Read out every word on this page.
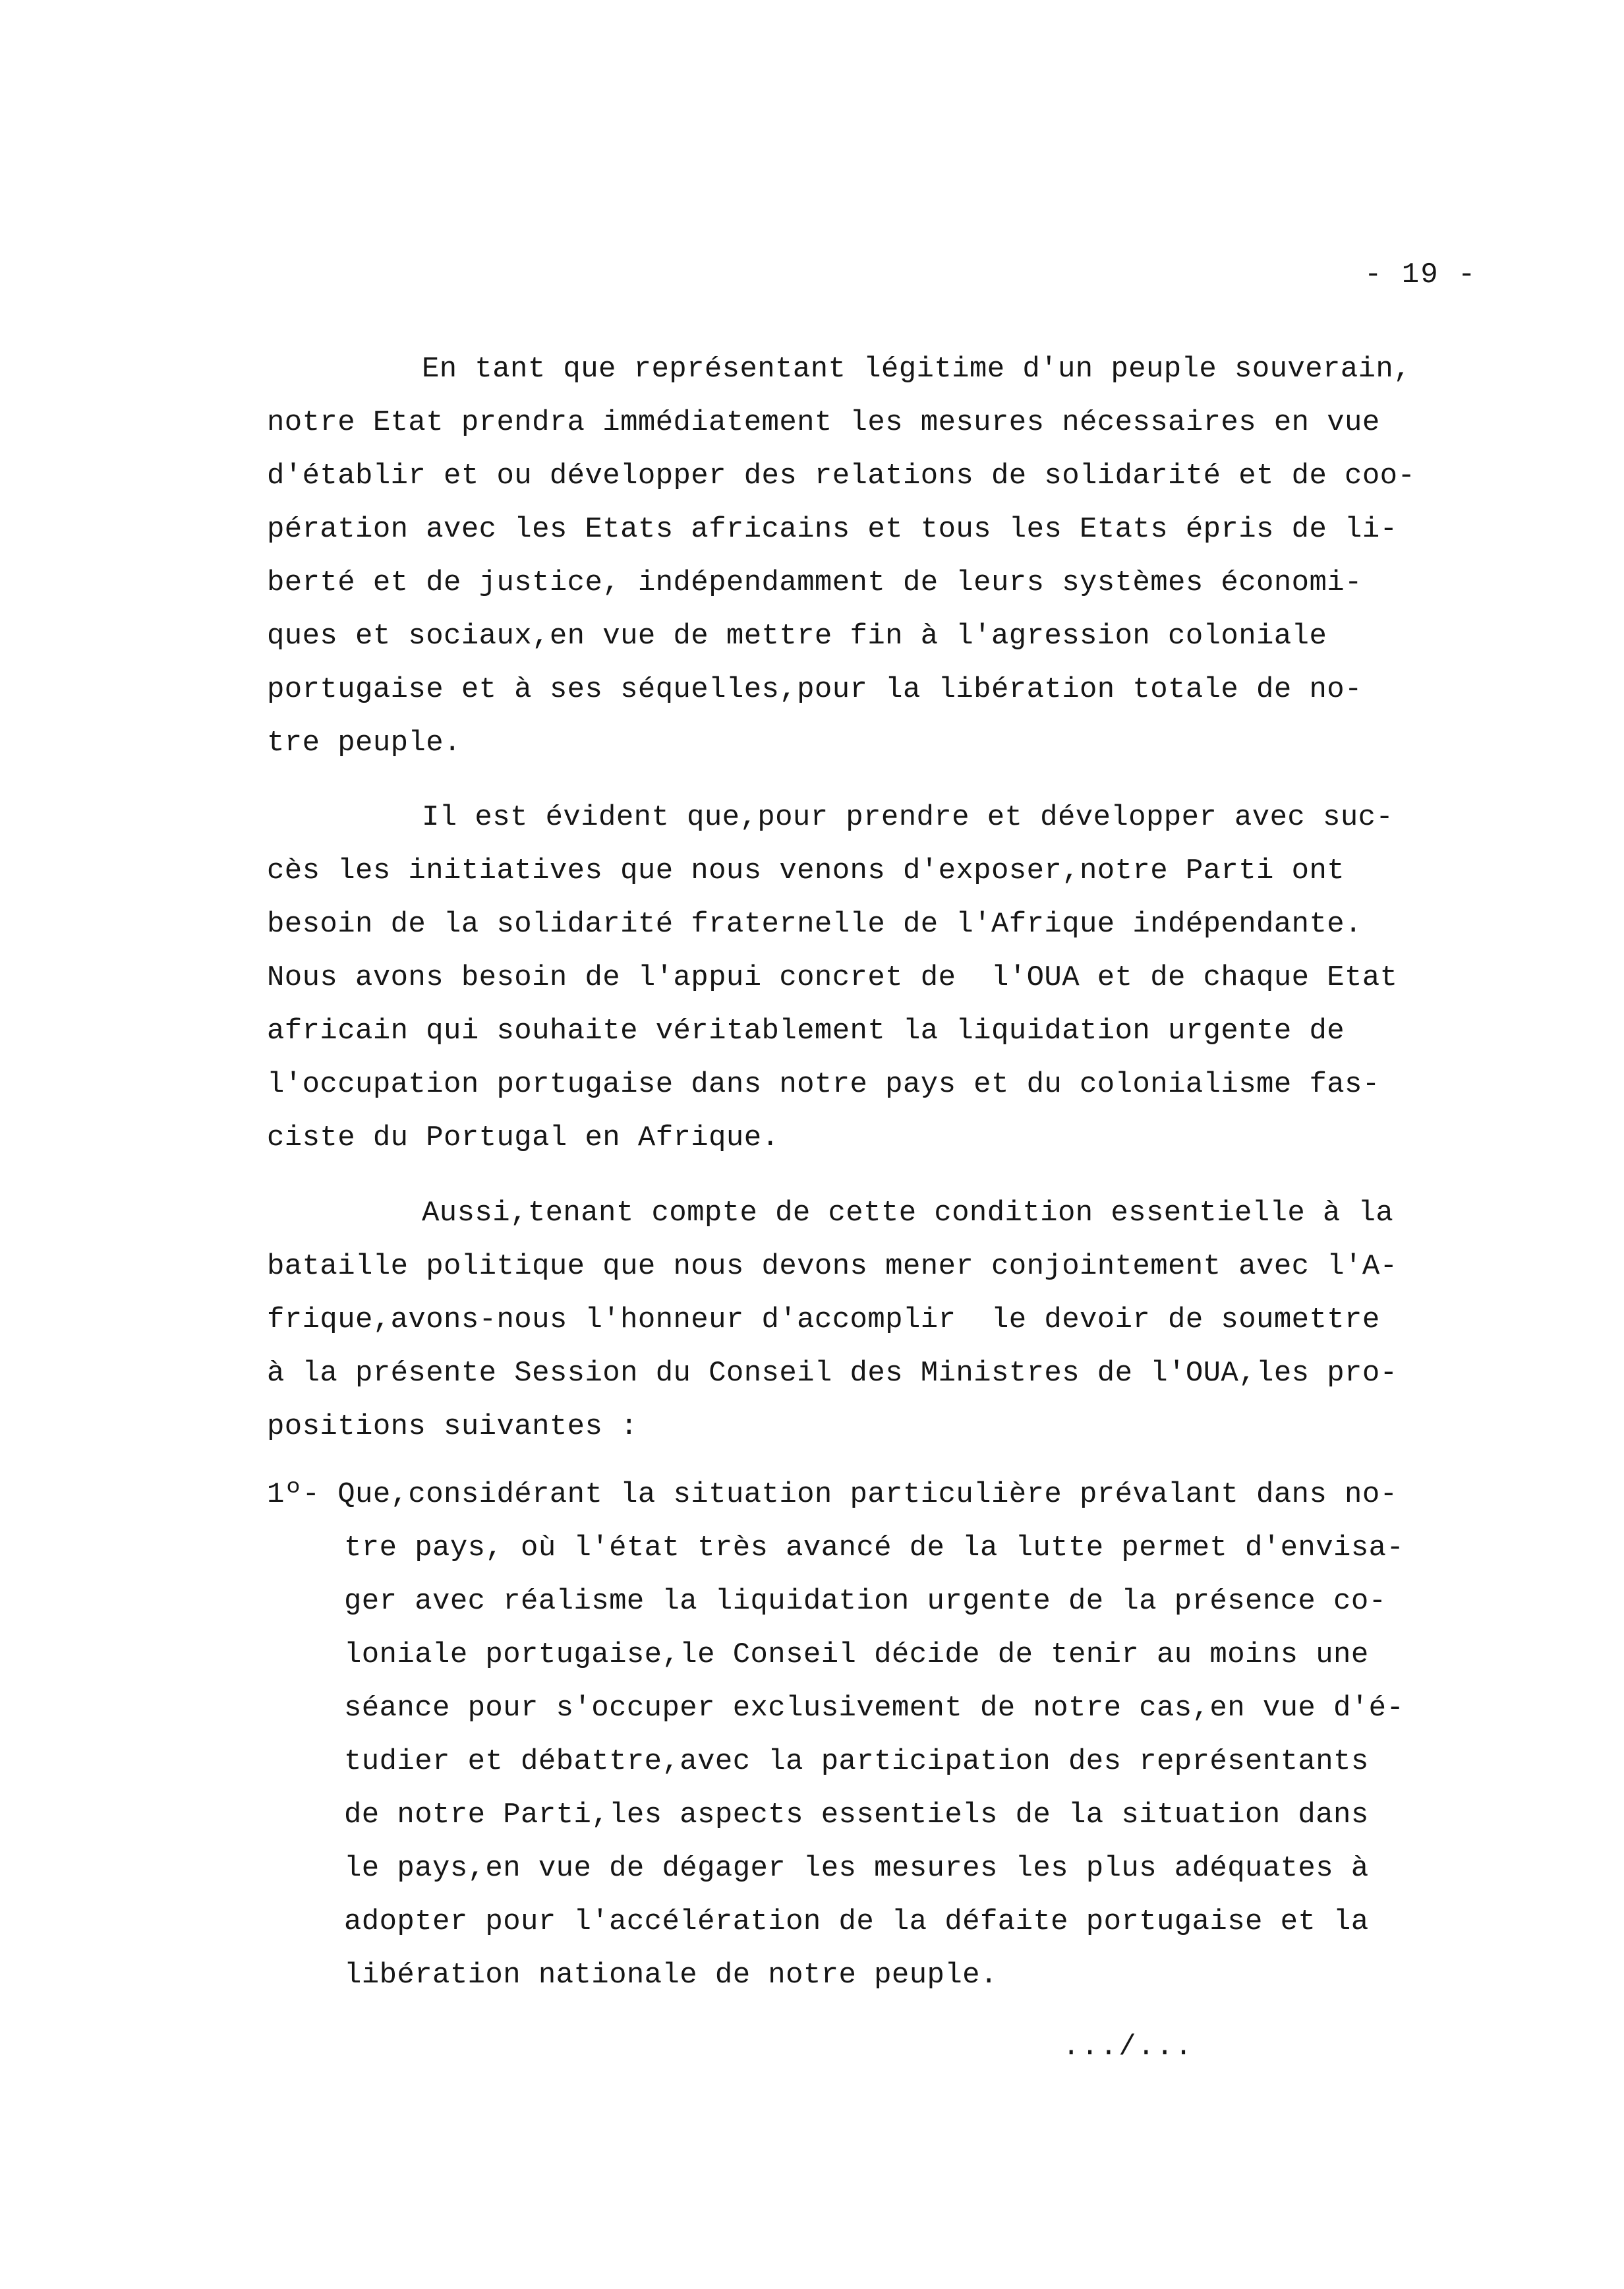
- 19 -
En tant que représentant légitime d'un peuple souverain,
notre Etat prendra immédiatement les mesures nécessaires en vue
d'établir et ou développer des relations de solidarité et de coo-
pération avec les Etats africains et tous les Etats épris de li-
berté et de justice, indépendamment de leurs systèmes économi-
ques et sociaux,en vue de mettre fin à l'agression coloniale
portugaise et à ses séquelles,pour la libération totale de no-
tre peuple.
Il est évident que,pour prendre et développer avec suc-
cès les initiatives que nous venons d'exposer,notre Parti ont
besoin de la solidarité fraternelle de l'Afrique indépendante.
Nous avons besoin de l'appui concret de  l'OUA et de chaque Etat
africain qui souhaite véritablement la liquidation urgente de
l'occupation portugaise dans notre pays et du colonialisme fas-
ciste du Portugal en Afrique.
Aussi,tenant compte de cette condition essentielle à la
bataille politique que nous devons mener conjointement avec l'A-
frique,avons-nous l'honneur d'accomplir  le devoir de soumettre
à la présente Session du Conseil des Ministres de l'OUA,les pro-
positions suivantes :
1º- Que,considérant la situation particulière prévalant dans no-
tre pays, où l'état très avancé de la lutte permet d'envisa-
ger avec réalisme la liquidation urgente de la présence co-
loniale portugaise,le Conseil décide de tenir au moins une
séance pour s'occuper exclusivement de notre cas,en vue d'é-
tudier et débattre,avec la participation des représentants
de notre Parti,les aspects essentiels de la situation dans
le pays,en vue de dégager les mesures les plus adéquates à
adopter pour l'accélération de la défaite portugaise et la
libération nationale de notre peuple.
.../...
